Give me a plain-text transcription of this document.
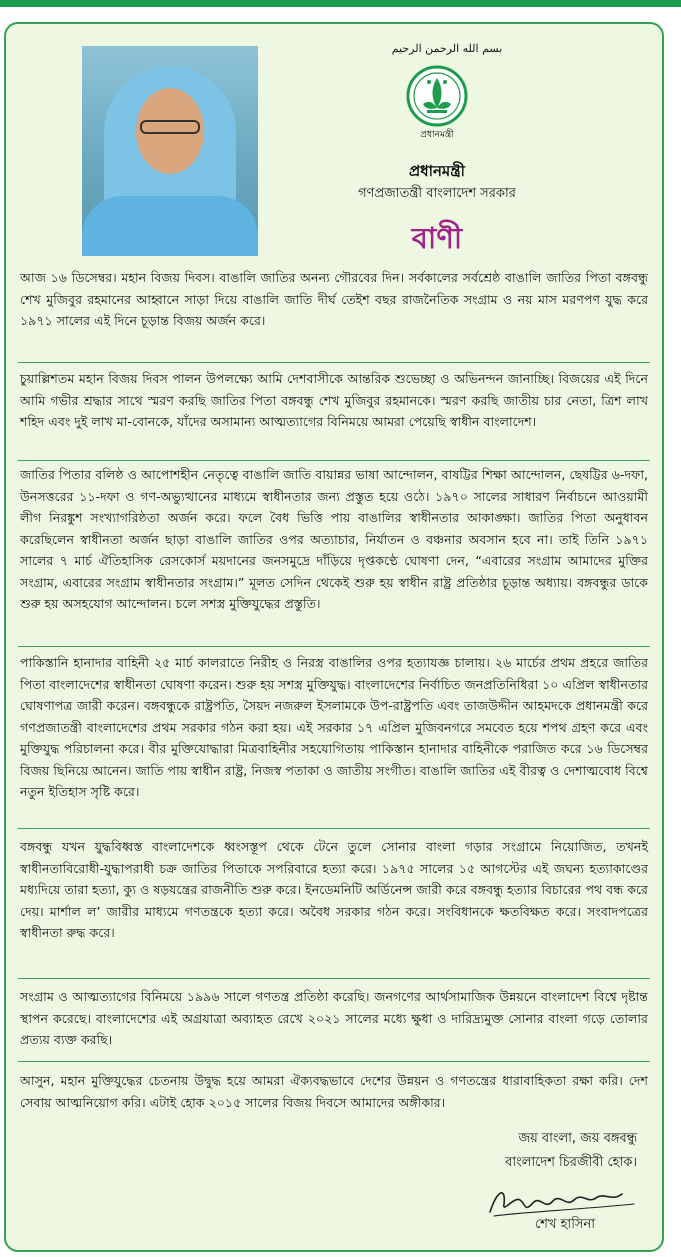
بسم الله الرحمن الرحيم
প্রধানমন্ত্রী
প্রধানমন্ত্রী
গণপ্রজাতন্ত্রী বাংলাদেশ সরকার
বাণী

আজ ১৬ ডিসেম্বর। মহান বিজয় দিবস। বাঙালি জাতির অনন্য গৌরবের দিন। সর্বকালের সর্বশ্রেষ্ঠ বাঙালি জাতির পিতা বঙ্গবন্ধু শেখ মুজিবুর রহমানের আহ্বানে সাড়া দিয়ে বাঙালি জাতি দীর্ঘ তেইশ বছর রাজনৈতিক সংগ্রাম ও নয় মাস মরণপণ যুদ্ধ করে ১৯৭১ সালের এই দিনে চূড়ান্ত বিজয় অর্জন করে।

চুয়াল্লিশতম মহান বিজয় দিবস পালন উপলক্ষ্যে আমি দেশবাসীকে আন্তরিক শুভেচ্ছা ও অভিনন্দন জানাচ্ছি। বিজয়ের এই দিনে আমি গভীর শ্রদ্ধার সাথে স্মরণ করছি জাতির পিতা বঙ্গবন্ধু শেখ মুজিবুর রহমানকে। স্মরণ করছি জাতীয় চার নেতা, ত্রিশ লাখ শহিদ এবং দুই লাখ মা-বোনকে, যাঁদের অসামান্য আত্মত্যাগের বিনিময়ে আমরা পেয়েছি স্বাধীন বাংলাদেশ।

জাতির পিতার বলিষ্ঠ ও আপোশহীন নেতৃত্বে বাঙালি জাতি বায়ান্নর ভাষা আন্দোলন, বাষট্টির শিক্ষা আন্দোলন, ছেষট্টির ৬-দফা, উনসত্তরের ১১-দফা ও গণ-অভ্যুত্থানের মাধ্যমে স্বাধীনতার জন্য প্রস্তুত হয়ে ওঠে। ১৯৭০ সালের সাধারণ নির্বাচনে আওয়ামী লীগ নিরঙ্কুশ সংখ্যাগরিষ্ঠতা অর্জন করে। ফলে বৈধ ভিত্তি পায় বাঙালির স্বাধীনতার আকাঙ্ক্ষা। জাতির পিতা অনুধাবন করেছিলেন স্বাধীনতা অর্জন ছাড়া বাঙালি জাতির ওপর অত্যাচার, নির্যাতন ও বঞ্চনার অবসান হবে না। তাই তিনি ১৯৭১ সালের ৭ মার্চ ঐতিহাসিক রেসকোর্স ময়দানের জনসমুদ্রে দাঁড়িয়ে দৃপ্তকণ্ঠে ঘোষণা দেন, “এবারের সংগ্রাম আমাদের মুক্তির সংগ্রাম, এবারের সংগ্রাম স্বাধীনতার সংগ্রাম।” মূলত সেদিন থেকেই শুরু হয় স্বাধীন রাষ্ট্র প্রতিষ্ঠার চূড়ান্ত অধ্যায়। বঙ্গবন্ধুর ডাকে শুরু হয় অসহযোগ আন্দোলন। চলে সশস্ত্র মুক্তিযুদ্ধের প্রস্তুতি।

পাকিস্তানি হানাদার বাহিনী ২৫ মার্চ কালরাতে নিরীহ ও নিরস্ত্র বাঙালির ওপর হত্যাযজ্ঞ চালায়। ২৬ মার্চের প্রথম প্রহরে জাতির পিতা বাংলাদেশের স্বাধীনতা ঘোষণা করেন। শুরু হয় সশস্ত্র মুক্তিযুদ্ধ। বাংলাদেশের নির্বাচিত জনপ্রতিনিধিরা ১০ এপ্রিল স্বাধীনতার ঘোষণাপত্র জারী করেন। বঙ্গবন্ধুকে রাষ্ট্রপতি, সৈয়দ নজরুল ইসলামকে উপ-রাষ্ট্রপতি এবং তাজউদ্দীন আহমদকে প্রধানমন্ত্রী করে গণপ্রজাতন্ত্রী বাংলাদেশের প্রথম সরকার গঠন করা হয়। এই সরকার ১৭ এপ্রিল মুজিবনগরে সমবেত হয়ে শপথ গ্রহণ করে এবং মুক্তিযুদ্ধ পরিচালনা করে। বীর মুক্তিযোদ্ধারা মিত্রবাহিনীর সহযোগিতায় পাকিস্তান হানাদার বাহিনীকে পরাজিত করে ১৬ ডিসেম্বর বিজয় ছিনিয়ে আনেন। জাতি পায় স্বাধীন রাষ্ট্র, নিজস্ব পতাকা ও জাতীয় সংগীত। বাঙালি জাতির এই বীরত্ব ও দেশাত্মবোধ বিশ্বে নতুন ইতিহাস সৃষ্টি করে।

বঙ্গবন্ধু যখন যুদ্ধবিধ্বস্ত বাংলাদেশকে ধ্বংসস্তূপ থেকে টেনে তুলে সোনার বাংলা গড়ার সংগ্রামে নিয়োজিত, তখনই স্বাধীনতাবিরোধী-যুদ্ধাপরাধী চক্র জাতির পিতাকে সপরিবারে হত্যা করে। ১৯৭৫ সালের ১৫ আগস্টের এই জঘন্য হত্যাকাণ্ডের মধ্যদিয়ে তারা হত্যা, ক্যু ও ষড়যন্ত্রের রাজনীতি শুরু করে। ইনডেমনিটি অর্ডিনেন্স জারী করে বঙ্গবন্ধু হত্যার বিচারের পথ বন্ধ করে দেয়। মার্শাল ল’ জারীর মাধ্যমে গণতন্ত্রকে হত্যা করে। অবৈধ সরকার গঠন করে। সংবিধানকে ক্ষতবিক্ষত করে। সংবাদপত্রের স্বাধীনতা রুদ্ধ করে।

সংগ্রাম ও আত্মত্যাগের বিনিময়ে ১৯৯৬ সালে গণতন্ত্র প্রতিষ্ঠা করেছি। জনগণের আর্থসামাজিক উন্নয়নে বাংলাদেশ বিশ্বে দৃষ্টান্ত স্থাপন করেছে। বাংলাদেশের এই অগ্রযাত্রা অব্যাহত রেখে ২০২১ সালের মধ্যে ক্ষুধা ও দারিদ্র্যমুক্ত সোনার বাংলা গড়ে তোলার প্রত্যয় ব্যক্ত করছি।

আসুন, মহান মুক্তিযুদ্ধের চেতনায় উদ্বুদ্ধ হয়ে আমরা ঐক্যবদ্ধভাবে দেশের উন্নয়ন ও গণতন্ত্রের ধারাবাহিকতা রক্ষা করি। দেশ সেবায় আত্মনিয়োগ করি। এটাই হোক ২০১৫ সালের বিজয় দিবসে আমাদের অঙ্গীকার।

জয় বাংলা, জয় বঙ্গবন্ধু
বাংলাদেশ চিরজীবী হোক।
শেখ হাসিনা
